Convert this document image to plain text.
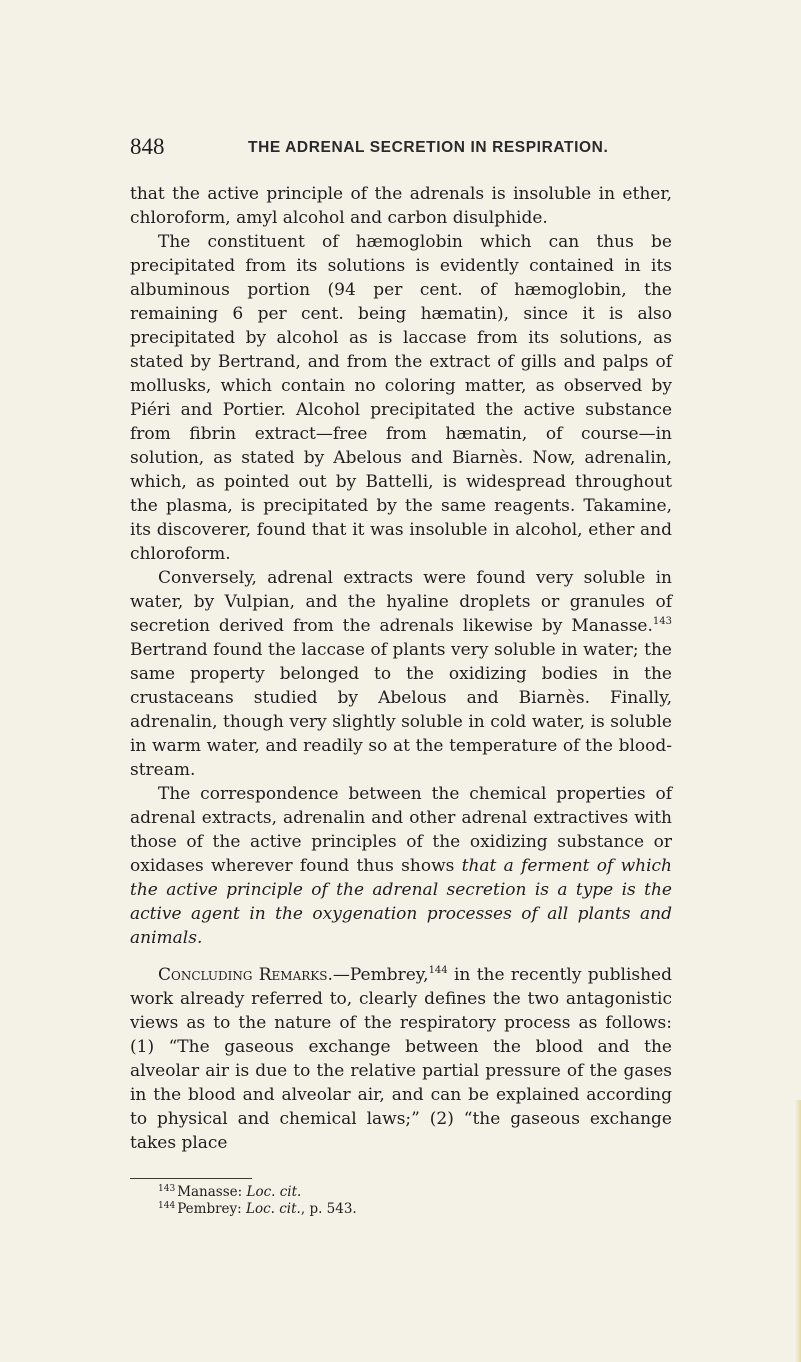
848	THE ADRENAL SECRETION IN RESPIRATION.

that the active principle of the adrenals is insoluble in ether, chloroform, amyl alcohol and carbon disulphide.

The constituent of hæmoglobin which can thus be precipitated from its solutions is evidently contained in its albuminous portion (94 per cent. of hæmoglobin, the remaining 6 per cent. being hæmatin), since it is also precipitated by alcohol as is laccase from its solutions, as stated by Bertrand, and from the extract of gills and palps of mollusks, which contain no coloring matter, as observed by Piéri and Portier. Alcohol precipitated the active substance from fibrin extract—free from hæmatin, of course—in solution, as stated by Abelous and Biarnès. Now, adrenalin, which, as pointed out by Battelli, is widespread throughout the plasma, is precipitated by the same reagents. Takamine, its discoverer, found that it was insoluble in alcohol, ether and chloroform.

Conversely, adrenal extracts were found very soluble in water, by Vulpian, and the hyaline droplets or granules of secretion derived from the adrenals likewise by Manasse.$^{143}$ Bertrand found the laccase of plants very soluble in water; the same property belonged to the oxidizing bodies in the crustaceans studied by Abelous and Biarnès. Finally, adrenalin, though very slightly soluble in cold water, is soluble in warm water, and readily so at the temperature of the blood-stream.

The correspondence between the chemical properties of adrenal extracts, adrenalin and other adrenal extractives with those of the active principles of the oxidizing substance or oxidases wherever found thus shows that a ferment of which the active principle of the adrenal secretion is a type is the active agent in the oxygenation processes of all plants and animals.

Concluding Remarks.—Pembrey,$^{144}$ in the recently published work already referred to, clearly defines the two antagonistic views as to the nature of the respiratory process as follows: (1) “The gaseous exchange between the blood and the alveolar air is due to the relative partial pressure of the gases in the blood and alveolar air, and can be explained according to physical and chemical laws;” (2) “the gaseous exchange takes place

$^{143}$ Manasse: Loc. cit.
$^{144}$ Pembrey: Loc. cit., p. 543.
